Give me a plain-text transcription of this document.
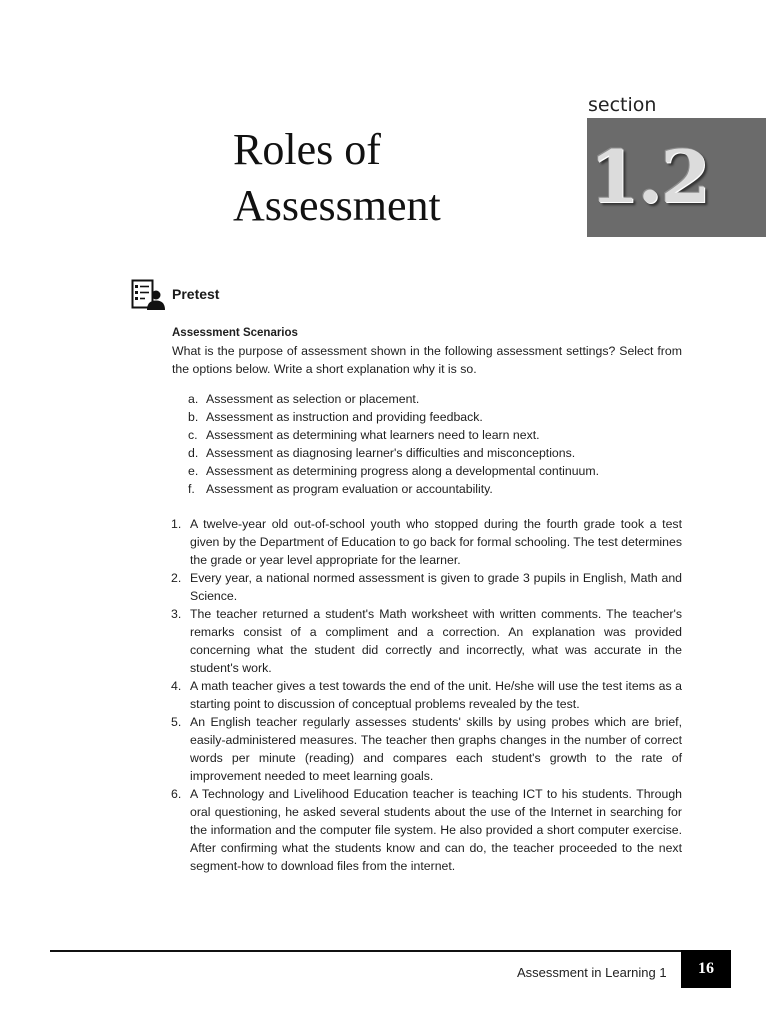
section
1.2
Roles of
Assessment
Pretest
Assessment Scenarios
What is the purpose of assessment shown in the following assessment settings? Select from the options below. Write a short explanation why it is so.
a. Assessment as selection or placement.
b. Assessment as instruction and providing feedback.
c. Assessment as determining what learners need to learn next.
d. Assessment as diagnosing learner's difficulties and misconceptions.
e. Assessment as determining progress along a developmental continuum.
f. Assessment as program evaluation or accountability.
1. A twelve-year old out-of-school youth who stopped during the fourth grade took a test given by the Department of Education to go back for formal schooling. The test determines the grade or year level appropriate for the learner.
2. Every year, a national normed assessment is given to grade 3 pupils in English, Math and Science.
3. The teacher returned a student's Math worksheet with written comments. The teacher's remarks consist of a compliment and a correction. An explanation was provided concerning what the student did correctly and incorrectly, what was accurate in the student's work.
4. A math teacher gives a test towards the end of the unit. He/she will use the test items as a starting point to discussion of conceptual problems revealed by the test.
5. An English teacher regularly assesses students' skills by using probes which are brief, easily-administered measures. The teacher then graphs changes in the number of correct words per minute (reading) and compares each student's growth to the rate of improvement needed to meet learning goals.
6. A Technology and Livelihood Education teacher is teaching ICT to his students. Through oral questioning, he asked several students about the use of the Internet in searching for the information and the computer file system. He also provided a short computer exercise. After confirming what the students know and can do, the teacher proceeded to the next segment-how to download files from the internet.
Assessment in Learning 1	16
